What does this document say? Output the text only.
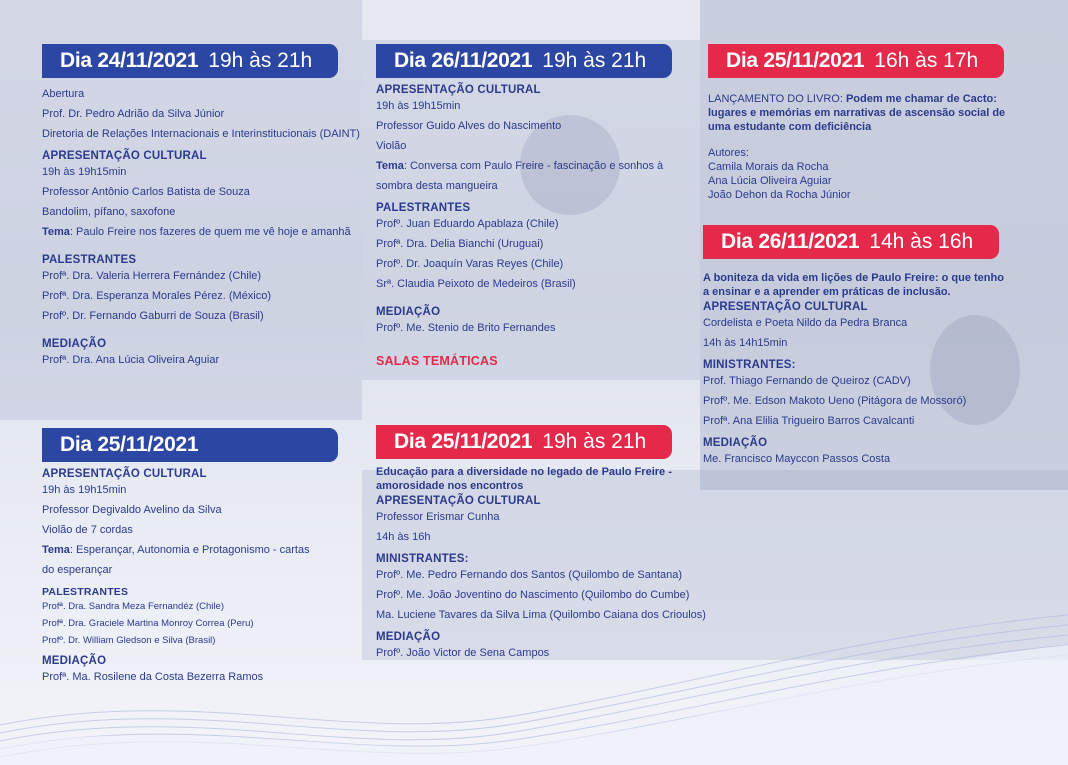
Dia 24/11/2021 19h às 21h
Abertura
Prof. Dr. Pedro Adrião da Silva Júnior
Diretoria de Relações Internacionais e Interinstitucionais (DAINT)
APRESENTAÇÃO CULTURAL
19h às 19h15min
Professor Antônio Carlos Batista de Souza
Bandolim, pífano, saxofone
Tema: Paulo Freire nos fazeres de quem me vê hoje e amanhã
PALESTRANTES
Profª. Dra. Valeria Herrera Fernández (Chile)
Profª. Dra. Esperanza Morales Pérez. (México)
Profº. Dr. Fernando Gaburri de Souza (Brasil)
MEDIAÇÃO
Profª. Dra. Ana Lúcia Oliveira Aguiar
Dia 25/11/2021
APRESENTAÇÃO CULTURAL
19h às 19h15min
Professor Degivaldo Avelino da Silva
Violão de 7 cordas
Tema: Esperançar, Autonomia e Protagonismo - cartas
do esperançar
PALESTRANTES
Profª. Dra. Sandra Meza Fernandéz (Chile)
Profª. Dra. Graciele Martina Monroy Correa (Peru)
Profº. Dr. William Gledson e Silva (Brasil)
MEDIAÇÃO
Profª. Ma. Rosilene da Costa Bezerra Ramos
Dia 26/11/2021 19h às 21h
APRESENTAÇÃO CULTURAL
19h às 19h15min
Professor Guido Alves do Nascimento
Violão
Tema: Conversa com Paulo Freire - fascinação e sonhos à
sombra desta mangueira
PALESTRANTES
Profº. Juan Eduardo Apablaza (Chile)
Profª. Dra. Delia Bianchi (Uruguai)
Profº. Dr. Joaquín Varas Reyes (Chile)
Srª. Claudia Peixoto de Medeiros (Brasil)
MEDIAÇÃO
Profº. Me. Stenio de Brito Fernandes
SALAS TEMÁTICAS
Dia 25/11/2021 19h às 21h
Educação para a diversidade no legado de Paulo Freire -
amorosidade nos encontros
APRESENTAÇÃO CULTURAL
Professor Erismar Cunha
14h às 16h
MINISTRANTES:
Profº. Me. Pedro Fernando dos Santos (Quilombo de Santana)
Profº. Me. João Joventino do Nascimento (Quilombo do Cumbe)
Ma. Luciene Tavares da Silva Lima (Quilombo Caiana dos Crioulos)
MEDIAÇÃO
Profº. João Victor de Sena Campos
Dia 25/11/2021 16h às 17h
LANÇAMENTO DO LIVRO: Podem me chamar de Cacto:
lugares e memórias em narrativas de ascensão social de
uma estudante com deficiência
Autores:
Camila Morais da Rocha
Ana Lúcia Oliveira Aguiar
João Dehon da Rocha Júnior
Dia 26/11/2021 14h às 16h
A boniteza da vida em lições de Paulo Freire: o que tenho
a ensinar e a aprender em práticas de inclusão.
APRESENTAÇÃO CULTURAL
Cordelista e Poeta Nildo da Pedra Branca
14h às 14h15min
MINISTRANTES:
Prof. Thiago Fernando de Queiroz (CADV)
Profº. Me. Edson Makoto Ueno (Pitágora de Mossoró)
Profª. Ana Elilia Trigueiro Barros Cavalcanti
MEDIAÇÃO
Me. Francisco Mayccon Passos Costa
